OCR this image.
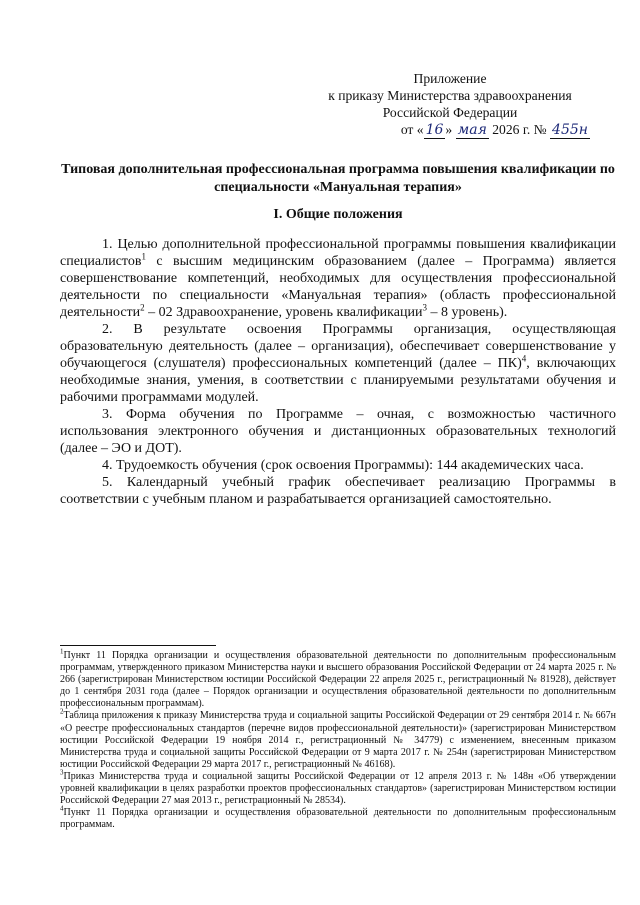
Приложение
к приказу Министерства здравоохранения
Российской Федерации
от « 16 » мая 2026 г. № 455н
Типовая дополнительная профессиональная программа повышения квалификации по специальности «Мануальная терапия»
I. Общие положения

1. Целью дополнительной профессиональной программы повышения квалификации специалистов$^1$ с высшим медицинским образованием (далее – Программа) является совершенствование компетенций, необходимых для осуществления профессиональной деятельности по специальности «Мануальная терапия» (область профессиональной деятельности$^2$ – 02 Здравоохранение, уровень квалификации$^3$ – 8 уровень).

2. В результате освоения Программы организация, осуществляющая образовательную деятельность (далее – организация), обеспечивает совершенствование у обучающегося (слушателя) профессиональных компетенций (далее – ПК)$^4$, включающих необходимые знания, умения, в соответствии с планируемыми результатами обучения и рабочими программами модулей.

3. Форма обучения по Программе – очная, с возможностью частичного использования электронного обучения и дистанционных образовательных технологий (далее – ЭО и ДОТ).

4. Трудоемкость обучения (срок освоения Программы): 144 академических часа.

5. Календарный учебный график обеспечивает реализацию Программы в соответствии с учебным планом и разрабатывается организацией самостоятельно.

$^1$Пункт 11 Порядка организации и осуществления образовательной деятельности по дополнительным профессиональным программам, утвержденного приказом Министерства науки и высшего образования Российской Федерации от 24 марта 2025 г. № 266 (зарегистрирован Министерством юстиции Российской Федерации 22 апреля 2025 г., регистрационный № 81928), действует до 1 сентября 2031 года (далее – Порядок организации и осуществления образовательной деятельности по дополнительным профессиональным программам).

$^2$Таблица приложения к приказу Министерства труда и социальной защиты Российской Федерации от 29 сентября 2014 г. № 667н «О реестре профессиональных стандартов (перечне видов профессиональной деятельности)» (зарегистрирован Министерством юстиции Российской Федерации 19 ноября 2014 г., регистрационный № 34779) с изменением, внесенным приказом Министерства труда и социальной защиты Российской Федерации от 9 марта 2017 г. № 254н (зарегистрирован Министерством юстиции Российской Федерации 29 марта 2017 г., регистрационный № 46168).

$^3$Приказ Министерства труда и социальной защиты Российской Федерации от 12 апреля 2013 г. № 148н «Об утверждении уровней квалификации в целях разработки проектов профессиональных стандартов» (зарегистрирован Министерством юстиции Российской Федерации 27 мая 2013 г., регистрационный № 28534).

$^4$Пункт 11 Порядка организации и осуществления образовательной деятельности по дополнительным профессиональным программам.
